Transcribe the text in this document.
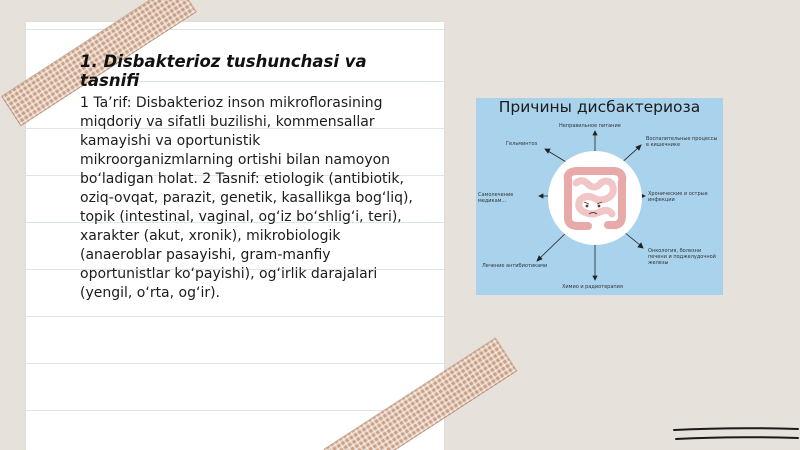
1. Disbakterioz tushunchasi va tasnifi
1 Ta’rif: Disbakterioz inson mikroflorasining miqdoriy va sifatli buzilishi, kommensallar kamayishi va oportunistik mikroorganizmlarning ortishi bilan namoyon bo‘ladigan holat. 2 Tasnif: etiologik (antibiotik, oziq-ovqat, parazit, genetik, kasallikga bog‘liq), topik (intestinal, vaginal, og‘iz bo‘shlig‘i, teri), xarakter (akut, xronik), mikrobiologik (anaerоblar pasayishi, gram-manfiy oportunistlar ko‘payishi), og‘irlik darajalari (yengil, o‘rta, og‘ir).
Причины дисбактериоза
Неправильное питание
Воспалительные процессы в кишечнике
Хронические и острые инфекции
Онкология, болезни печени и поджелудочной железы
Химио и радиотерапия
Лечение антибиотиками
Самолечение медикам...
Гельминтоз
